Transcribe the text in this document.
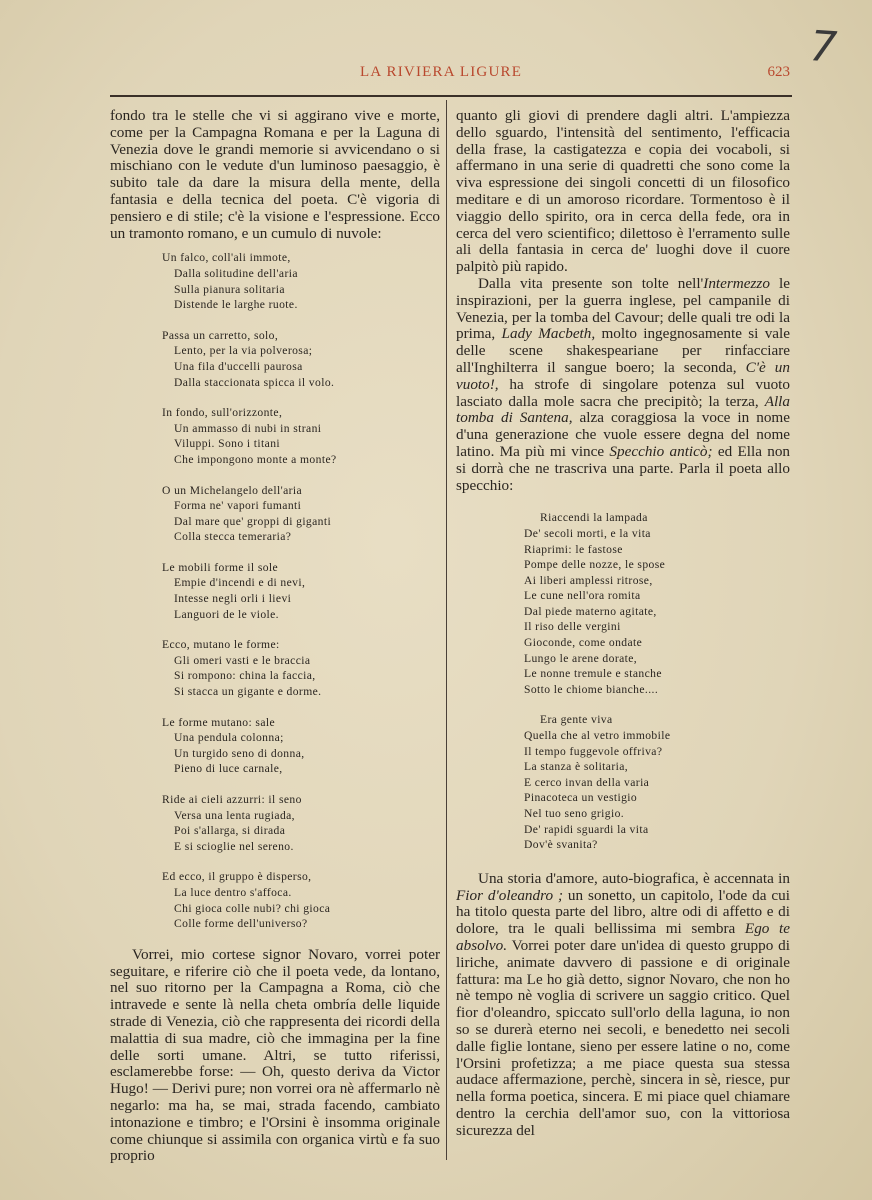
LA RIVIERA LIGURE	623
7

fondo tra le stelle che vi si aggirano vive e morte, come per la Campagna Romana e per la Laguna di Venezia dove le grandi memorie si avvicendano o si mischiano con le vedute d'un luminoso paesaggio, è subito tale da dare la misura della mente, della fantasia e della tecnica del poeta. C'è vigoria di pensiero e di stile; c'è la visione e l'espressione. Ecco un tramonto romano, e un cumulo di nuvole:

Un falco, coll'ali immote,
Dalla solitudine dell'aria
Sulla pianura solitaria
Distende le larghe ruote.
Passa un carretto, solo,
Lento, per la via polverosa;
Una fila d'uccelli paurosa
Dalla staccionata spicca il volo.
In fondo, sull'orizzonte,
Un ammasso di nubi in strani
Viluppi. Sono i titani
Che impongono monte a monte?
O un Michelangelo dell'aria
Forma ne' vapori fumanti
Dal mare que' groppi di giganti
Colla stecca temeraria?
Le mobili forme il sole
Empie d'incendi e di nevi,
Intesse negli orli i lievi
Languori de le viole.
Ecco, mutano le forme:
Gli omeri vasti e le braccia
Si rompono: china la faccia,
Si stacca un gigante e dorme.
Le forme mutano: sale
Una pendula colonna;
Un turgido seno di donna,
Pieno di luce carnale,
Ride ai cieli azzurri: il seno
Versa una lenta rugiada,
Poi s'allarga, si dirada
E si scioglie nel sereno.
Ed ecco, il gruppo è disperso,
La luce dentro s'affoca.
Chi gioca colle nubi? chi gioca
Colle forme dell'universo?

Vorrei, mio cortese signor Novaro, vorrei poter seguitare, e riferire ciò che il poeta vede, da lontano, nel suo ritorno per la Campagna a Roma, ciò che intravede e sente là nella cheta ombría delle liquide strade di Venezia, ciò che rappresenta dei ricordi della malattia di sua madre, ciò che immagina per la fine delle sorti umane. Altri, se tutto riferissi, esclamerebbe forse: — Oh, questo deriva da Victor Hugo! — Derivi pure; non vorrei ora nè affermarlo nè negarlo: ma ha, se mai, strada facendo, cambiato intonazione e timbro; e l'Orsini è insomma originale come chiunque si assimila con organica virtù e fa suo proprio

quanto gli giovi di prendere dagli altri. L'ampiezza dello sguardo, l'intensità del sentimento, l'efficacia della frase, la castigatezza e copia dei vocaboli, si affermano in una serie di quadretti che sono come la viva espressione dei singoli concetti di un filosofico meditare e di un amoroso ricordare. Tormentoso è il viaggio dello spirito, ora in cerca della fede, ora in cerca del vero scientifico; dilettoso è l'erramento sulle ali della fantasia in cerca de' luoghi dove il cuore palpitò più rapido.

Dalla vita presente son tolte nell'Intermezzo le inspirazioni, per la guerra inglese, pel campanile di Venezia, per la tomba del Cavour; delle quali tre odi la prima, Lady Macbeth, molto ingegnosamente si vale delle scene shakespeariane per rinfacciare all'Inghilterra il sangue boero; la seconda, C'è un vuoto!, ha strofe di singolare potenza sul vuoto lasciato dalla mole sacra che precipitò; la terza, Alla tomba di Santena, alza coraggiosa la voce in nome d'una generazione che vuole essere degna del nome latino. Ma più mi vince Specchio anticò; ed Ella non si dorrà che ne trascriva una parte. Parla il poeta allo specchio:

Riaccendi la lampada
De' secoli morti, e la vita
Riaprimi: le fastose
Pompe delle nozze, le spose
Ai liberi amplessi ritrose,
Le cune nell'ora romita
Dal piede materno agitate,
Il riso delle vergini
Gioconde, come ondate
Lungo le arene dorate,
Le nonne tremule e stanche
Sotto le chiome bianche....
Era gente viva
Quella che al vetro immobile
Il tempo fuggevole offriva?
La stanza è solitaria,
E cerco invan della varia
Pinacoteca un vestigio
Nel tuo seno grigio.
De' rapidi sguardi la vita
Dov'è svanita?

Una storia d'amore, auto-biografica, è accennata in Fior d'oleandro ; un sonetto, un capitolo, l'ode da cui ha titolo questa parte del libro, altre odi di affetto e di dolore, tra le quali bellissima mi sembra Ego te absolvo. Vorrei poter dare un'idea di questo gruppo di liriche, animate davvero di passione e di originale fattura: ma Le ho già detto, signor Novaro, che non ho nè tempo nè voglia di scrivere un saggio critico. Quel fior d'oleandro, spiccato sull'orlo della laguna, io non so se durerà eterno nei secoli, e benedetto nei secoli dalle figlie lontane, sieno per essere latine o no, come l'Orsini profetizza; a me piace questa sua stessa audace affermazione, perchè, sincera in sè, riesce, pur nella forma poetica, sincera. E mi piace quel chiamare dentro la cerchia dell'amor suo, con la vittoriosa sicurezza del
